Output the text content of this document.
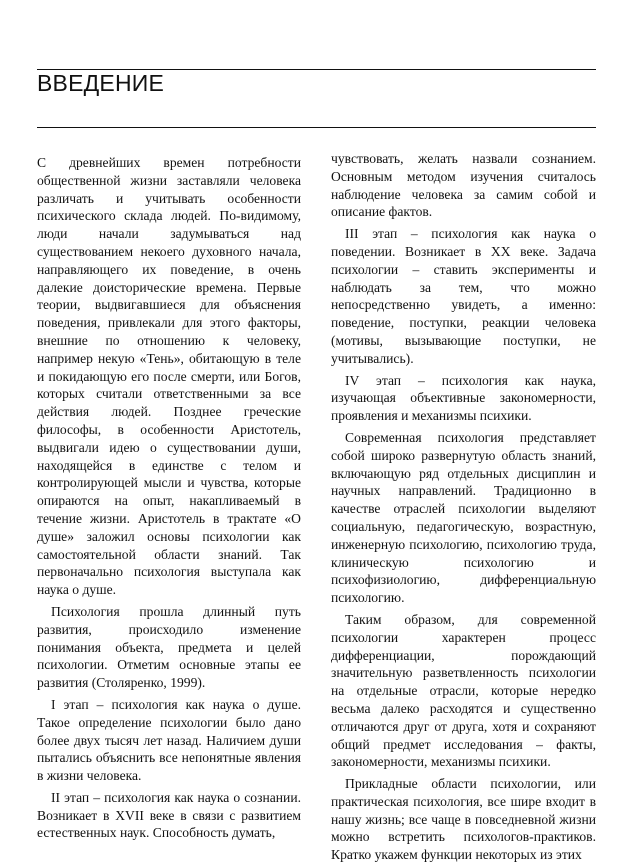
ВВЕДЕНИЕ

С древнейших времен потребности общественной жизни заставляли человека различать и учитывать особенности психического склада людей. По-видимому, люди начали задумываться над существованием некоего духовного начала, направляющего их поведение, в очень далекие доисторические времена. Первые теории, выдвигавшиеся для объяснения поведения, привлекали для этого факторы, внешние по отношению к человеку, например некую «Тень», обитающую в теле и покидающую его после смерти, или Богов, которых считали ответственными за все действия людей. Позднее греческие философы, в особенности Аристотель, выдвигали идею о существовании души, находящейся в единстве с телом и контролирующей мысли и чувства, которые опираются на опыт, накапливаемый в течение жизни. Аристотель в трактате «О душе» заложил основы психологии как самостоятельной области знаний. Так первоначально психология выступала как наука о душе.

Психология прошла длинный путь развития, происходило изменение понимания объекта, предмета и целей психологии. Отметим основные этапы ее развития (Столяренко, 1999).

I этап – психология как наука о душе. Такое определение психологии было дано более двух тысяч лет назад. Наличием души пытались объяснить все непонятные явления в жизни человека.

II этап – психология как наука о сознании. Возникает в XVII веке в связи с развитием естественных наук. Способность думать,

чувствовать, желать назвали сознанием. Основным методом изучения считалось наблюдение человека за самим собой и описание фактов.

III этап – психология как наука о поведении. Возникает в XX веке. Задача психологии – ставить эксперименты и наблюдать за тем, что можно непосредственно увидеть, а именно: поведение, поступки, реакции человека (мотивы, вызывающие поступки, не учитывались).

IV этап – психология как наука, изучающая объективные закономерности, проявления и механизмы психики.

Современная психология представляет собой широко развернутую область знаний, включающую ряд отдельных дисциплин и научных направлений. Традиционно в качестве отраслей психологии выделяют социальную, педагогическую, возрастную, инженерную психологию, психологию труда, клиническую психологию и психофизиологию, дифференциальную психологию.

Таким образом, для современной психологии характерен процесс дифференциации, порождающий значительную разветвленность психологии на отдельные отрасли, которые нередко весьма далеко расходятся и существенно отличаются друг от друга, хотя и сохраняют общий предмет исследования – факты, закономерности, механизмы психики.

Прикладные области психологии, или практическая психология, все шире входит в нашу жизнь; все чаще в повседневной жизни можно встретить психологов-практиков. Кратко укажем функции некоторых из этих
